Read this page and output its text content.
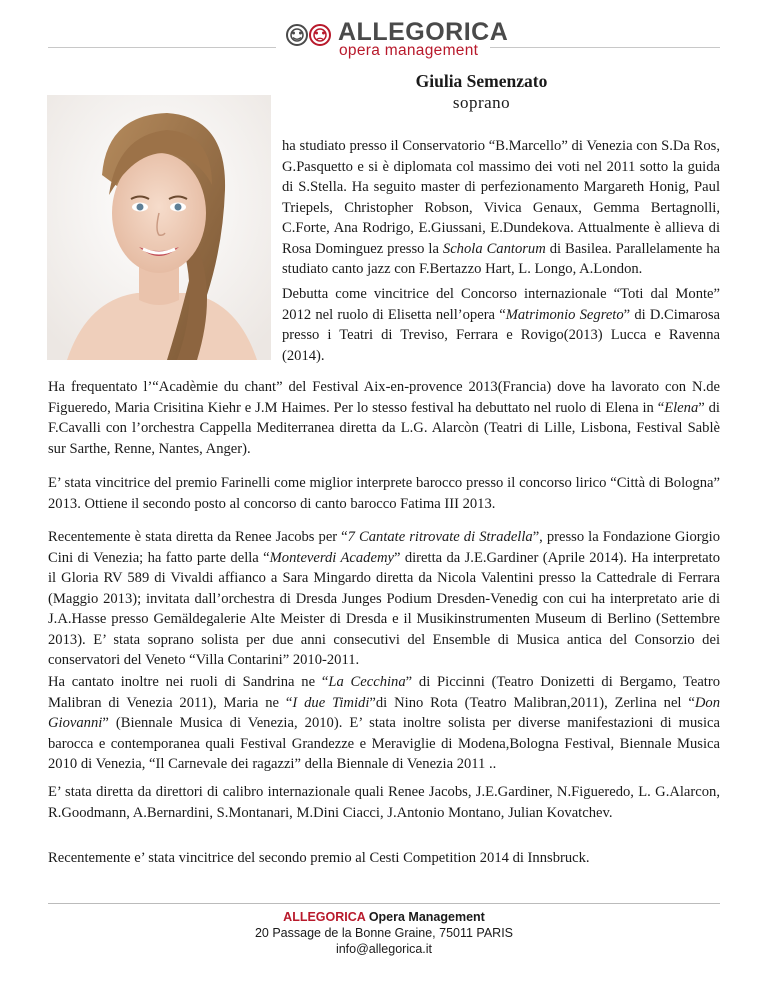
ALLEGORICA
opera management
Giulia Semenzato
soprano

ha studiato presso il Conservatorio “B.Marcello” di Venezia con S.Da Ros, G.Pasquetto e si è diplomata col massimo dei voti nel 2011 sotto la guida di S.Stella. Ha seguito master di perfezionamento Margareth Honig, Paul Triepels, Christopher Robson, Vivica Genaux, Gemma Bertagnolli, C.Forte, Ana Rodrigo, E.Giussani, E.Dundekova. Attualmente è allieva di Rosa Dominguez presso la Schola Cantorum di Basilea. Parallelamente ha studiato canto jazz con F.Bertazzo Hart, L. Longo, A.London.

Debutta come vincitrice del Concorso internazionale “Toti dal Monte” 2012 nel ruolo di Elisetta nell’opera “Matrimonio Segreto” di D.Cimarosa presso i Teatri di Treviso, Ferrara e Rovigo(2013) Lucca e Ravenna (2014).

Ha frequentato l’“Acadèmie du chant” del Festival Aix-en-provence 2013(Francia) dove ha lavorato con N.de Figueredo, Maria Crisitina Kiehr e J.M Haimes. Per lo stesso festival ha debuttato nel ruolo di Elena in “Elena” di F.Cavalli con l’orchestra Cappella Mediterranea diretta da L.G. Alarcòn (Teatri di Lille, Lisbona, Festival Sablè sur Sarthe, Renne, Nantes, Anger).

E’ stata vincitrice del premio Farinelli come miglior interprete barocco presso il concorso lirico “Città di Bologna” 2013. Ottiene il secondo posto al concorso di canto barocco Fatima III 2013.

Recentemente è stata diretta da Renee Jacobs per “7 Cantate ritrovate di Stradella”, presso la Fondazione Giorgio Cini di Venezia; ha fatto parte della “Monteverdi Academy” diretta da J.E.Gardiner (Aprile 2014). Ha interpretato il Gloria RV 589 di Vivaldi affianco a Sara Mingardo diretta da Nicola Valentini presso la Cattedrale di Ferrara (Maggio 2013); invitata dall’orchestra di Dresda Junges Podium Dresden-Venedig con cui ha interpretato arie di J.A.Hasse presso Gemäldegalerie Alte Meister di Dresda e il Musikinstrumenten Museum di Berlino (Settembre 2013). E’ stata soprano solista per due anni consecutivi del Ensemble di Musica antica del Consorzio dei conservatori del Veneto “Villa Contarini” 2010-2011.

Ha cantato inoltre nei ruoli di Sandrina ne “La Cecchina” di Piccinni (Teatro Donizetti di Bergamo, Teatro Malibran di Venezia 2011), Maria ne “I due Timidi”di Nino Rota (Teatro Malibran,2011), Zerlina nel “Don Giovanni” (Biennale Musica di Venezia, 2010). E’ stata inoltre solista per diverse manifestazioni di musica barocca e contemporanea quali Festival Grandezze e Meraviglie di Modena,Bologna Festival, Biennale Musica 2010 di Venezia, “Il Carnevale dei ragazzi” della Biennale di Venezia 2011 ..

E’ stata diretta da direttori di calibro internazionale quali Renee Jacobs, J.E.Gardiner, N.Figueredo, L. G.Alarcon, R.Goodmann, A.Bernardini, S.Montanari, M.Dini Ciacci, J.Antonio Montano, Julian Kovatchev.

Recentemente e’ stata vincitrice del secondo premio al Cesti Competition 2014 di Innsbruck.

ALLEGORICA Opera Management
20 Passage de la Bonne Graine, 75011 PARIS
info@allegorica.it
